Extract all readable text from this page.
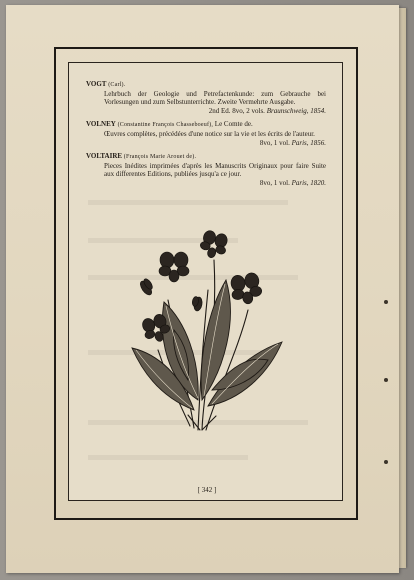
VOGT (Carl).
Lehrbuch der Geologie und Petrefactenkunde: zum Gebrauche bei Vorlesungen und zum Selbstunterrichte. Zweite Vermehrte Ausgabe.
2nd Ed. 8vo, 2 vols. Braunschweig, 1854.
VOLNEY (Constantine François Chasseboeuf), Le Comte de.
Œuvres complètes, précédées d'une notice sur la vie et les écrits de l'auteur.
8vo, 1 vol. Paris, 1856.
VOLTAIRE (François Marie Arouet de).
Pieces Inédites imprimées d'après les Manuscrits Originaux pour faire Suite aux differentes Editions, publiées jusqu'a ce jour.
8vo, 1 vol. Paris, 1820.
[ 342 ]
